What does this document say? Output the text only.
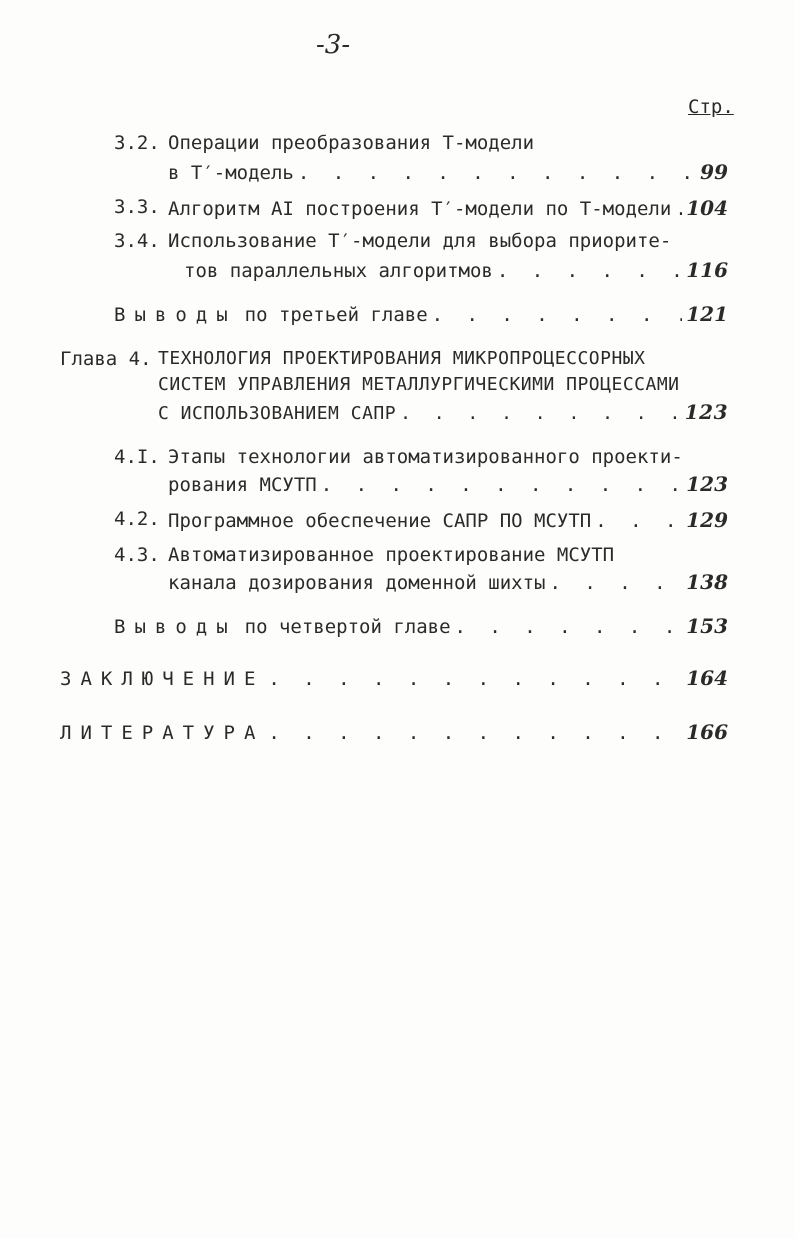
-3-
Стр.
3.2. Операции преобразования Т-модели
в Т′-модель . . .	99
3.3. Алгоритм АI построения Т′-модели по Т-модели . . . 104
3.4. Использование Т′-модели для выбора приорите-
тов параллельных алгоритмов . . .	116
Выводы по третьей главе . . .	121
Глава 4. ТЕХНОЛОГИЯ ПРОЕКТИРОВАНИЯ МИКРОПРОЦЕССОРНЫХ
СИСТЕМ УПРАВЛЕНИЯ МЕТАЛЛУРГИЧЕСКИМИ ПРОЦЕССАМИ
С ИСПОЛЬЗОВАНИЕМ САПР . . .	123
4.I. Этапы технологии автоматизированного проекти-
рования МСУТП . . .	123
4.2. Программное обеспечение САПР ПО МСУТП . . .	129
4.3. Автоматизированное проектирование МСУТП
канала дозирования доменной шихты . . .	138
Выводы по четвертой главе . . .	153
ЗАКЛЮЧЕНИЕ . . .	164
ЛИТЕРАТУРА . . .	166
